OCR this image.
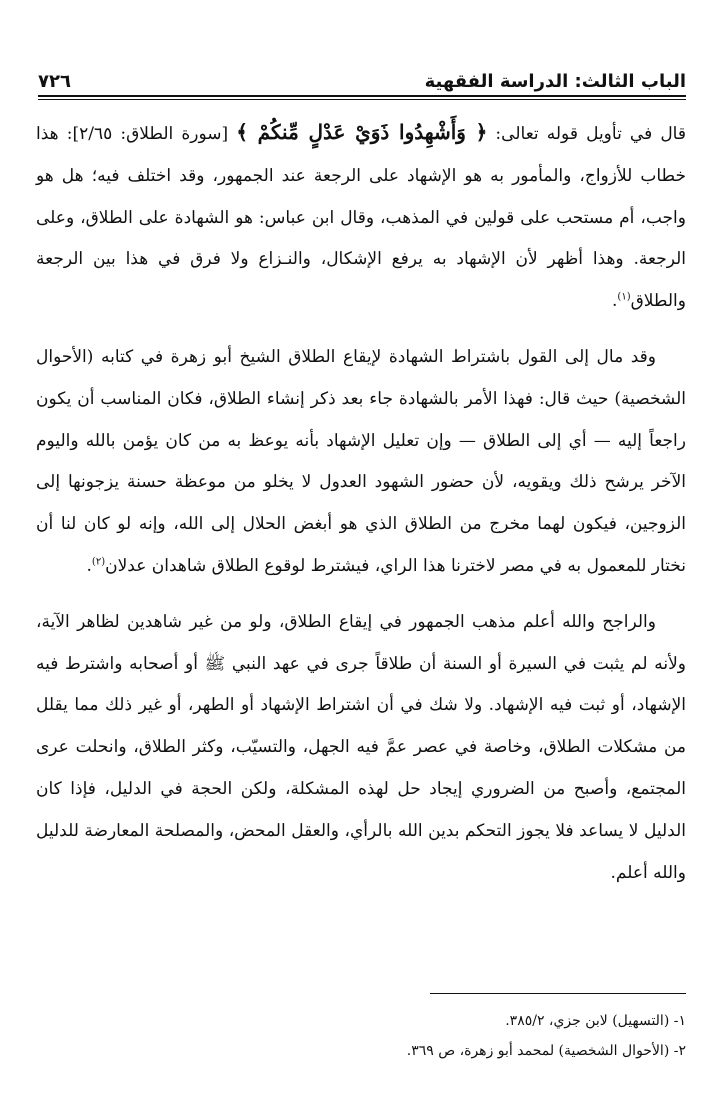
الباب الثالث: الدراسة الفقهية
٧٢٦

قال في تأويل قوله تعالى: ﴿ وَأَشْهِدُوا ذَوَيْ عَدْلٍ مِّنكُمْ ﴾ [سورة الطلاق: ٢/٦٥]: هذا خطاب للأزواج، والمأمور به هو الإشهاد على الرجعة عند الجمهور، وقد اختلف فيه؛ هل هو واجب، أم مستحب على قولين في المذهب، وقال ابن عباس: هو الشهادة على الطلاق، وعلى الرجعة. وهذا أظهر لأن الإشهاد به يرفع الإشكال، والنـزاع ولا فرق في هذا بين الرجعة والطلاق$^{(١)}$.

وقد مال إلى القول باشتراط الشهادة لإيقاع الطلاق الشيخ أبو زهرة في كتابه (الأحوال الشخصية) حيث قال: فهذا الأمر بالشهادة جاء بعد ذكر إنشاء الطلاق، فكان المناسب أن يكون راجعاً إليه — أي إلى الطلاق — وإن تعليل الإشهاد بأنه يوعظ به من كان يؤمن بالله واليوم الآخر يرشح ذلك ويقويه، لأن حضور الشهود العدول لا يخلو من موعظة حسنة يزجونها إلى الزوجين، فيكون لهما مخرج من الطلاق الذي هو أبغض الحلال إلى الله، وإنه لو كان لنا أن نختار للمعمول به في مصر لاخترنا هذا الراي، فيشترط لوقوع الطلاق شاهدان عدلان$^{(٢)}$.

والراجح والله أعلم مذهب الجمهور في إيقاع الطلاق، ولو من غير شاهدين لظاهر الآية، ولأنه لم يثبت في السيرة أو السنة أن طلاقاً جرى في عهد النبي ﷺ أو أصحابه واشترط فيه الإشهاد، أو ثبت فيه الإشهاد. ولا شك في أن اشتراط الإشهاد أو الطهر، أو غير ذلك مما يقلل من مشكلات الطلاق، وخاصة في عصر عمَّ فيه الجهل، والتسيّب، وكثر الطلاق، وانحلت عرى المجتمع، وأصبح من الضروري إيجاد حل لهذه المشكلة، ولكن الحجة في الدليل، فإذا كان الدليل لا يساعد فلا يجوز التحكم بدين الله بالرأي، والعقل المحض، والمصلحة المعارضة للدليل والله أعلم.

١- (التسهيل) لابن جزي، ٣٨٥/٢.
٢- (الأحوال الشخصية) لمحمد أبو زهرة، ص ٣٦٩.
